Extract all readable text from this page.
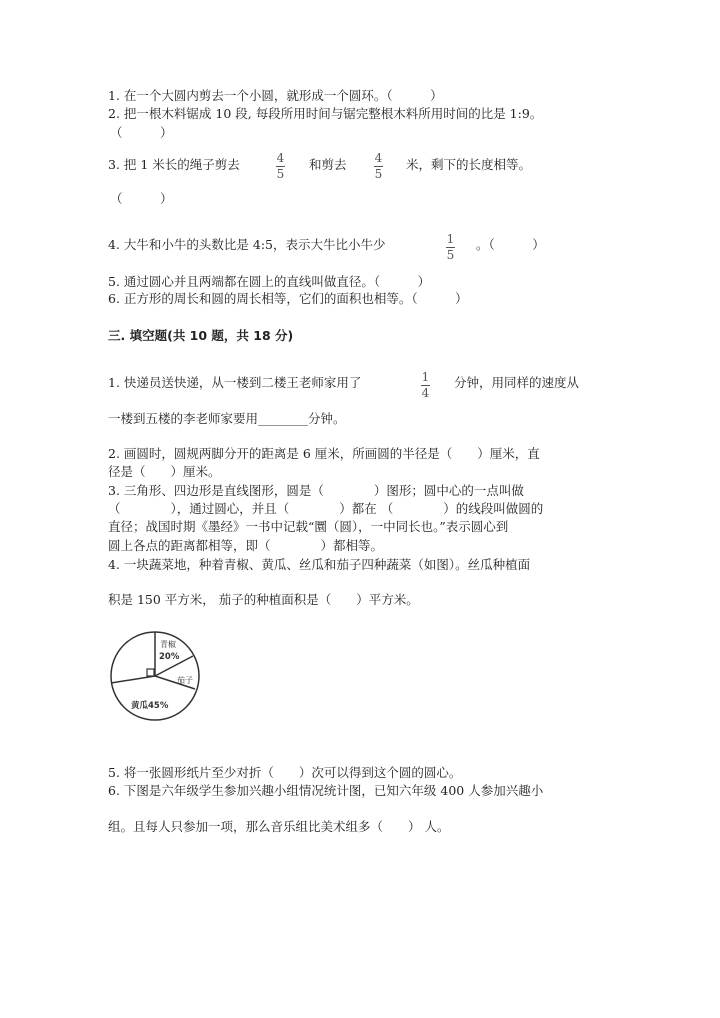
1. 在一个大圆内剪去一个小圆，就形成一个圆环。（　　　）
2. 把一根木料锯成 10 段, 每段所用时间与锯完整根木料所用时间的比是 1:9。
（　　　）
3. 把 1 米长的绳子剪去	4
5
和剪去 4
5
米，剩下的长度相等。
（　　　）
4. 大牛和小牛的头数比是 4:5，表示大牛比小牛少	1
5
。（　　　）
5. 通过圆心并且两端都在圆上的直线叫做直径。（　　　）
6. 正方形的周长和圆的周长相等，它们的面积也相等。（　　　）
三. 填空题(共 10 题，共 18 分)
1. 快递员送快递，从一楼到二楼王老师家用了	1
4
分钟，用同样的速度从
一楼到五楼的李老师家要用________分钟。
2. 画圆时，圆规两脚分开的距离是 6 厘米，所画圆的半径是（　　）厘米，直
径是（　　）厘米。
3. 三角形、四边形是直线图形，圆是（　　　　）图形；圆中心的一点叫做
（　　　　），通过圆心，并且（　　　　）都在 （　　　　）的线段叫做圆的
直径；战国时期《墨经》一书中记载“圜（圆），一中同长也。”表示圆心到
圆上各点的距离都相等，即（　　　　）都相等。
4. 一块蔬菜地，种着青椒、黄瓜、丝瓜和茄子四种蔬菜（如图）。丝瓜种植面
积是 150 平方米， 茄子的种植面积是（　　）平方米。
青椒
20%
茄子
黄瓜45%
5. 将一张圆形纸片至少对折（　　）次可以得到这个圆的圆心。
6. 下图是六年级学生参加兴趣小组情况统计图，已知六年级 400 人参加兴趣小
组。且每人只参加一项，那么音乐组比美术组多（　　） 人。
